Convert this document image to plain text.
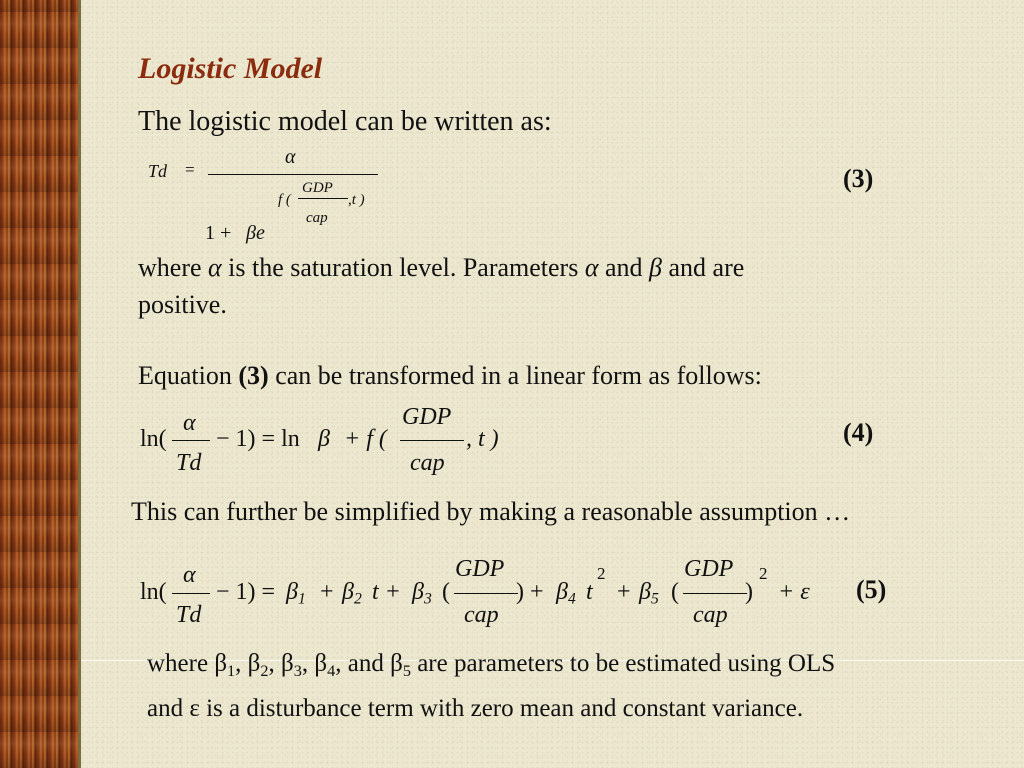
Logistic Model
The logistic model can be written as:
Td =
α
f (
GDP
cap
,t )
1 + βe
(3)
where α is the saturation level. Parameters α and β and are
positive.
Equation (3) can be transformed in a linear form as follows:
ln(
α
Td
− 1) = ln β + f (
GDP
cap
, t )	(4)
This can further be simplified by making a reasonable assumption …
ln(
α
Td
− $1) = \beta_1 + \beta_2$ $t + \beta_3$ (
GDP
cap
) + $\beta_4$ t
2
+ $\beta_5$ (
GDP
cap
)
2
+ ε (5)
where $\beta_1$, $\beta_2$, $\beta_3$, $\beta_4$, and $\beta_5$ are parameters to be estimated using OLS
and ε is a disturbance term with zero mean and constant variance.
